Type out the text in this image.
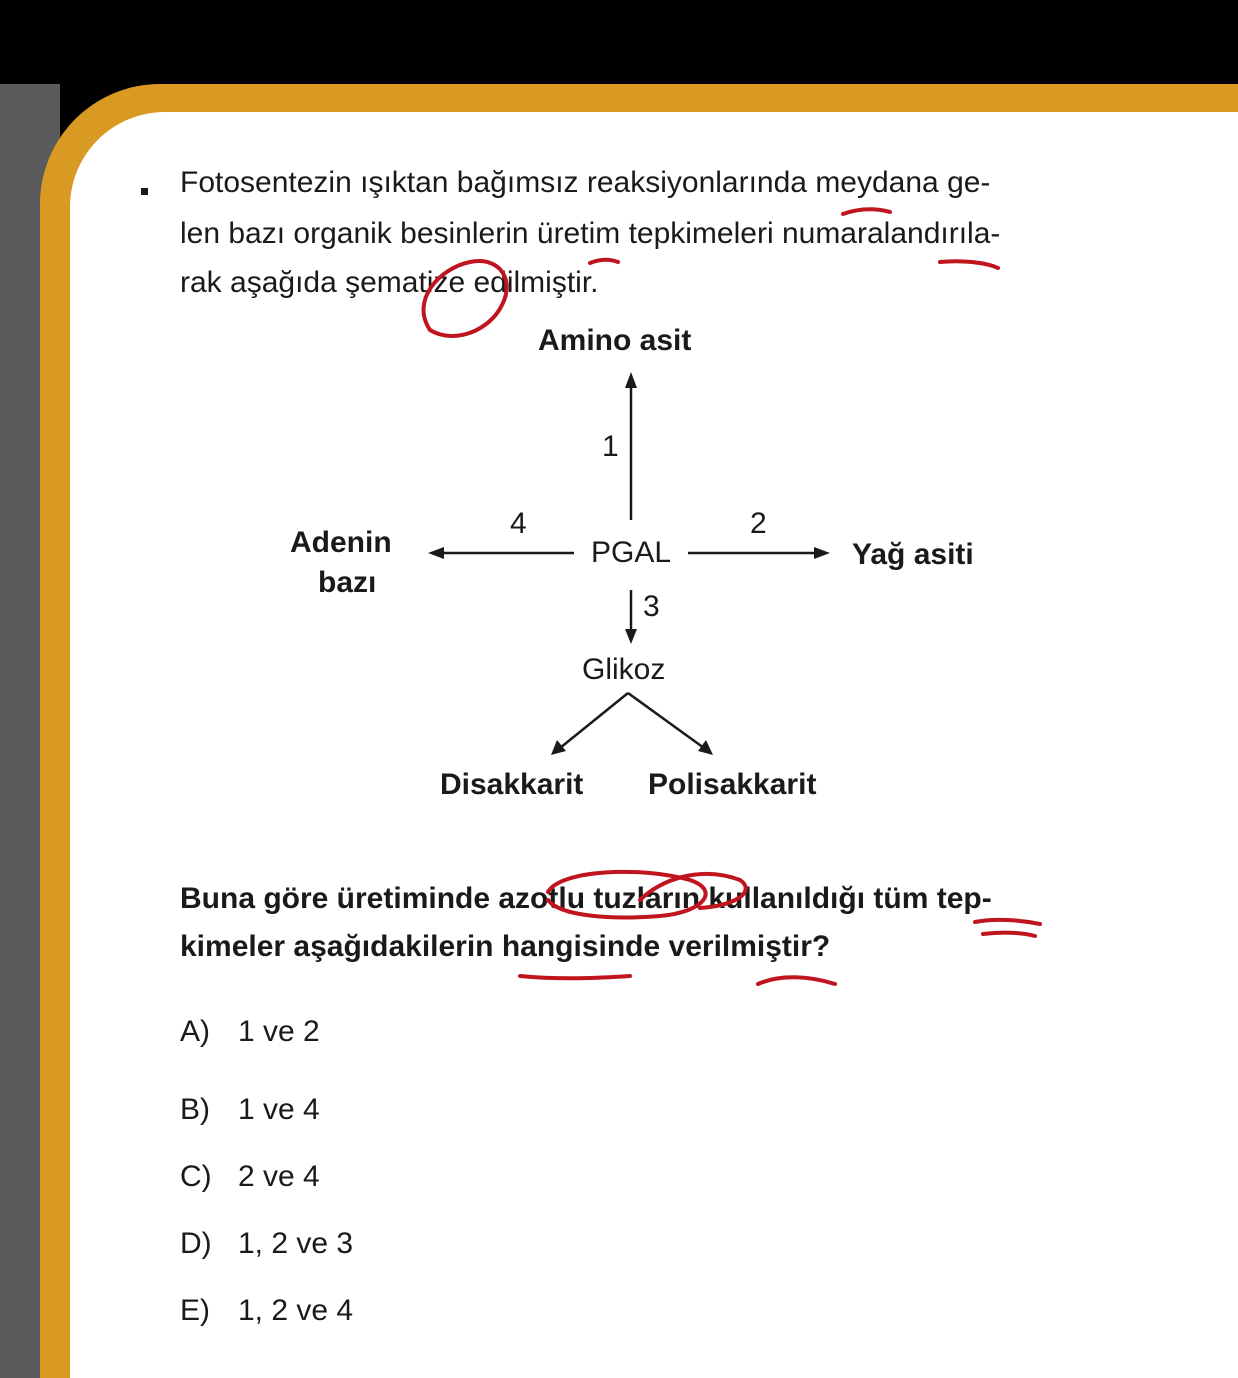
Fotosentezin ışıktan bağımsız reaksiyonlarında meydana ge-
len bazı organik besinlerin üretim tepkimeleri numaralandırıla-
rak aşağıda şematize edilmiştir.
Amino asit
1
4	2
Adenin
bazı
PGAL	Yağ asiti
3
Glikoz
Disakkarit Polisakkarit
Buna göre üretiminde azotlu tuzların kullanıldığı tüm tep-
kimeler aşağıdakilerin hangisinde verilmiştir?
A) 1 ve 2
B) 1 ve 4
C) 2 ve 4
D) 1, 2 ve 3
E) 1, 2 ve 4
